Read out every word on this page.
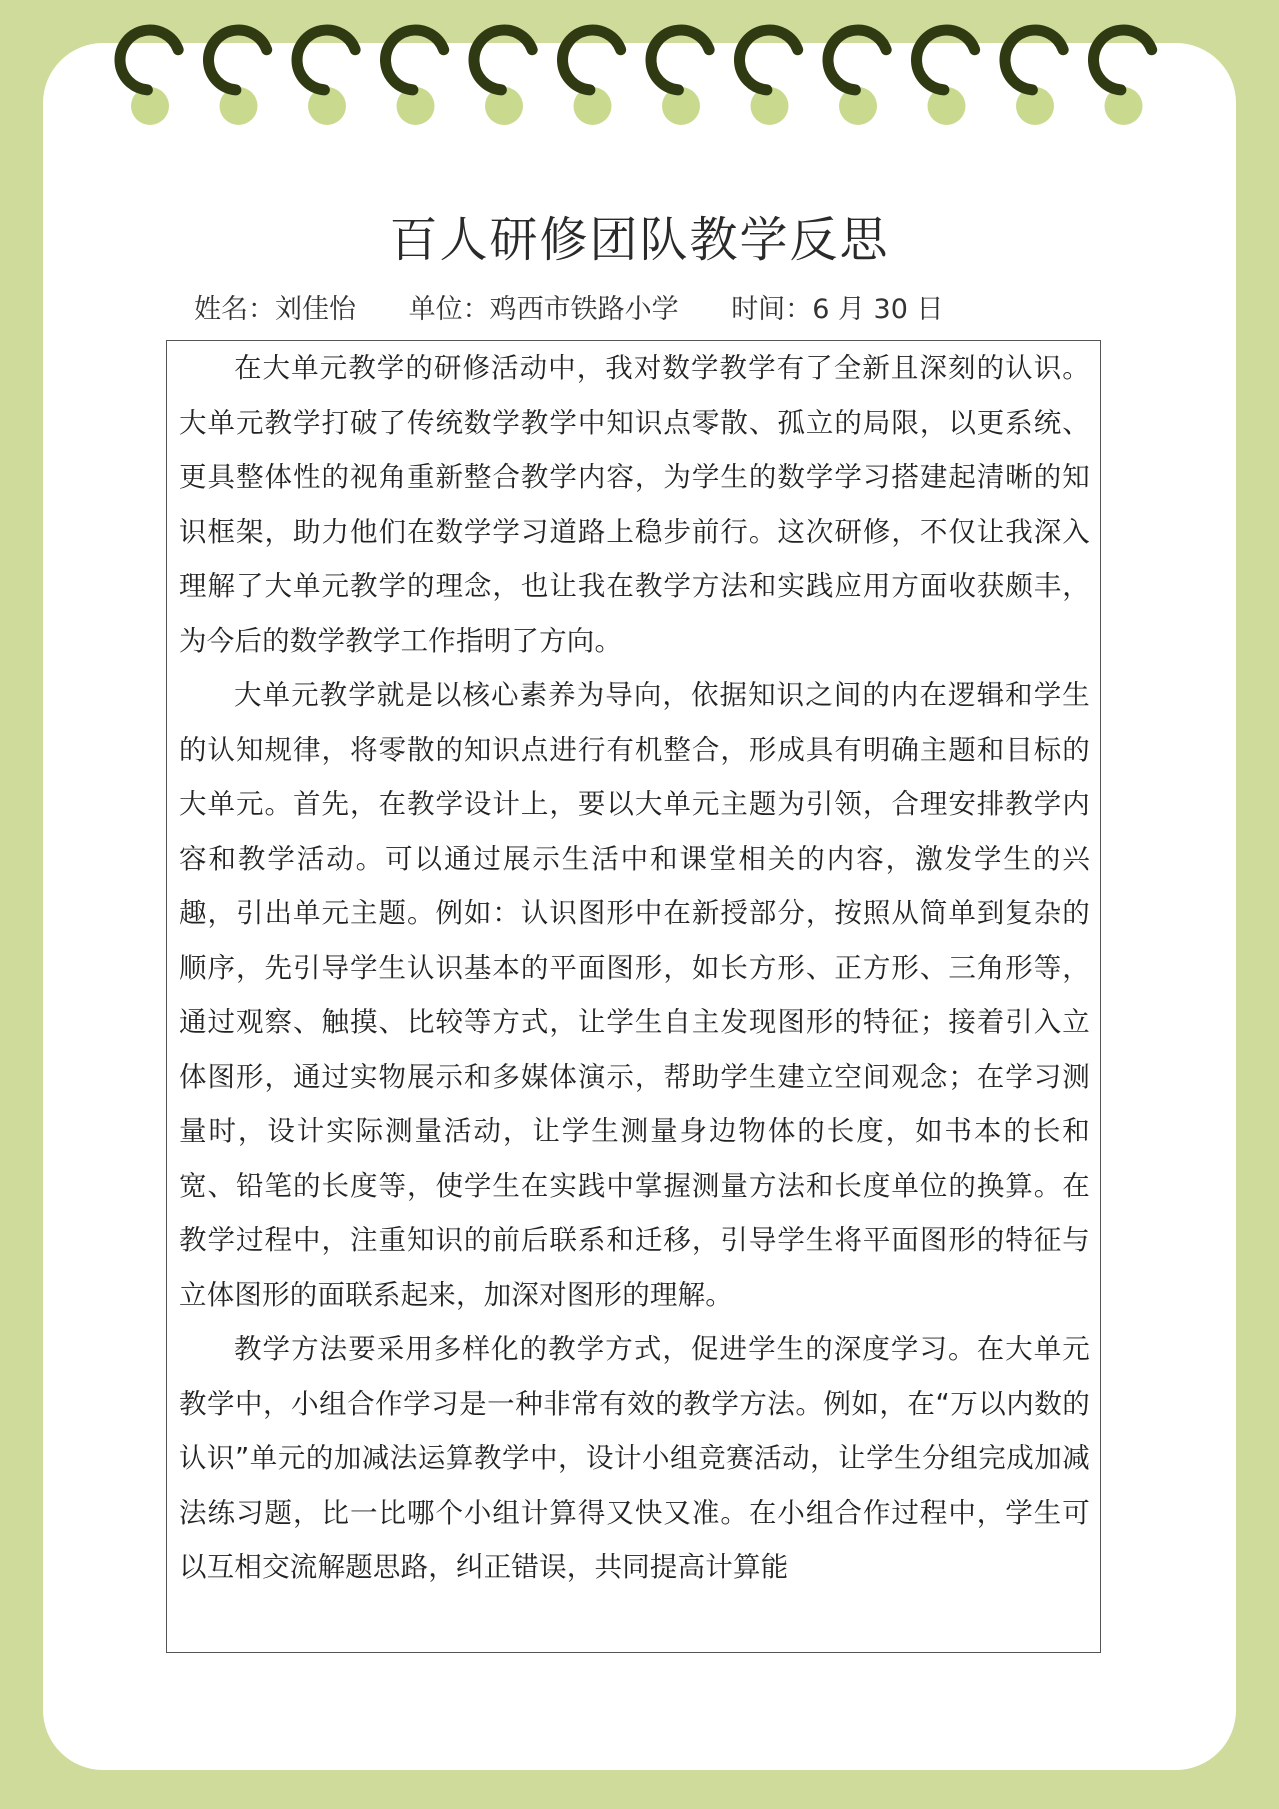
百人研修团队教学反思
姓名：刘佳怡 单位：鸡西市铁路小学 时间：6 月 30 日

在大单元教学的研修活动中，我对数学教学有了全新且深刻的认识。大单元教学打破了传统数学教学中知识点零散、孤立的局限，以更系统、更具整体性的视角重新整合教学内容，为学生的数学学习搭建起清晰的知识框架，助力他们在数学学习道路上稳步前行。这次研修，不仅让我深入理解了大单元教学的理念，也让我在教学方法和实践应用方面收获颇丰，为今后的数学教学工作指明了方向。

大单元教学就是以核心素养为导向，依据知识之间的内在逻辑和学生的认知规律，将零散的知识点进行有机整合，形成具有明确主题和目标的大单元。首先，在教学设计上，要以大单元主题为引领，合理安排教学内容和教学活动。可以通过展示生活中和课堂相关的内容，激发学生的兴趣，引出单元主题。例如：认识图形中在新授部分，按照从简单到复杂的顺序，先引导学生认识基本的平面图形，如长方形、正方形、三角形等，通过观察、触摸、比较等方式，让学生自主发现图形的特征；接着引入立体图形，通过实物展示和多媒体演示，帮助学生建立空间观念；在学习测量时，设计实际测量活动，让学生测量身边物体的长度，如书本的长和宽、铅笔的长度等，使学生在实践中掌握测量方法和长度单位的换算。在教学过程中，注重知识的前后联系和迁移，引导学生将平面图形的特征与立体图形的面联系起来，加深对图形的理解。

教学方法要采用多样化的教学方式，促进学生的深度学习。在大单元教学中，小组合作学习是一种非常有效的教学方法。例如，在“万以内数的认识”单元的加减法运算教学中，设计小组竞赛活动，让学生分组完成加减法练习题，比一比哪个小组计算得又快又准。在小组合作过程中，学生可以互相交流解题思路，纠正错误，共同提高计算能
